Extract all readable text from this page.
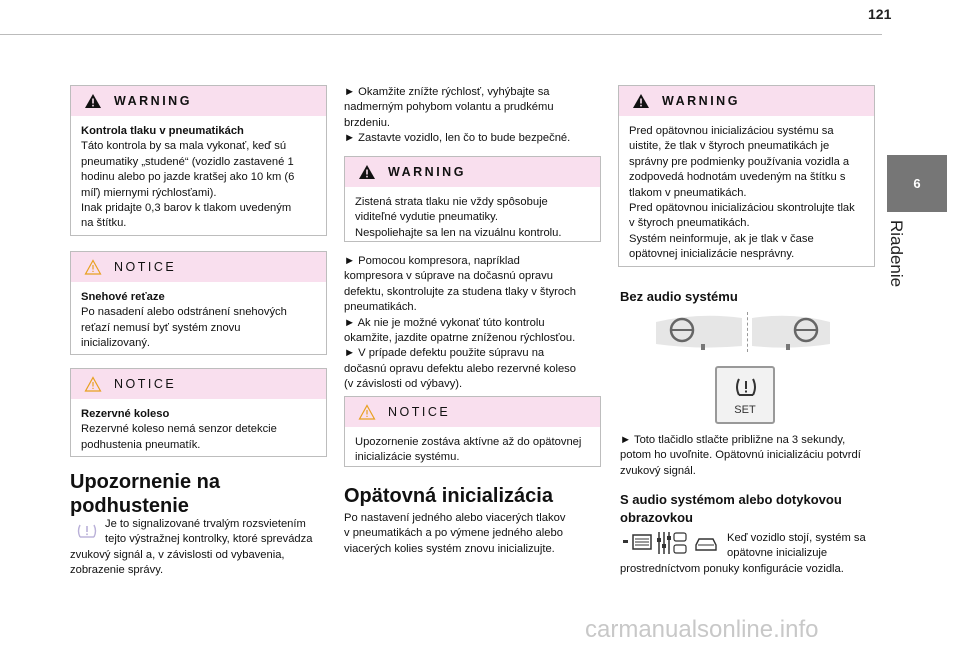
121
6
Riadenie
WARNING
Kontrola tlaku v pneumatikách
Táto kontrola by sa mala vykonať, keď sú
pneumatiky „studené“ (vozidlo zastavené 1
hodinu alebo po jazde kratšej ako 10 km (6
míľ) miernymi rýchlosťami).
Inak pridajte 0,3 barov k tlakom uvedeným
na štítku.
NOTICE
Snehové reťaze
Po nasadení alebo odstránení snehových
reťazí nemusí byť systém znovu
inicializovaný.
NOTICE
Rezervné koleso
Rezervné koleso nemá senzor detekcie
podhustenia pneumatík.
Upozornenie na
podhustenie
Je to signalizované trvalým rozsvietením
tejto výstražnej kontrolky, ktoré sprevádza
zvukový signál a, v závislosti od vybavenia,
zobrazenie správy.
► Okamžite znížte rýchlosť, vyhýbajte sa
nadmerným pohybom volantu a prudkému
brzdeniu.
► Zastavte vozidlo, len čo to bude bezpečné.
WARNING
Zistená strata tlaku nie vždy spôsobuje
viditeľné vydutie pneumatiky.
Nespoliehajte sa len na vizuálnu kontrolu.
► Pomocou kompresora, napríklad
kompresora v súprave na dočasnú opravu
defektu, skontrolujte za studena tlaky v štyroch
pneumatikách.
► Ak nie je možné vykonať túto kontrolu
okamžite, jazdite opatrne zníženou rýchlosťou.
► V prípade defektu použite súpravu na
dočasnú opravu defektu alebo rezervné koleso
(v závislosti od výbavy).
NOTICE
Upozornenie zostáva aktívne až do opätovnej
inicializácie systému.
Opätovná inicializácia
Po nastavení jedného alebo viacerých tlakov
v pneumatikách a po výmene jedného alebo
viacerých kolies systém znovu inicializujte.
WARNING
Pred opätovnou inicializáciou systému sa
uistite, že tlak v štyroch pneumatikách je
správny pre podmienky používania vozidla a
zodpovedá hodnotám uvedeným na štítku s
tlakom v pneumatikách.
Pred opätovnou inicializáciou skontrolujte tlak
v štyroch pneumatikách.
Systém neinformuje, ak je tlak v čase
opätovnej inicializácie nesprávny.
Bez audio systému
SET
► Toto tlačidlo stlačte približne na 3 sekundy,
potom ho uvoľnite. Opätovnú inicializáciu potvrdí
zvukový signál.
S audio systémom alebo dotykovou
obrazovkou
Keď vozidlo stojí, systém sa
opätovne inicializuje
prostredníctvom ponuky konfigurácie vozidla.
carmanualsonline.info
